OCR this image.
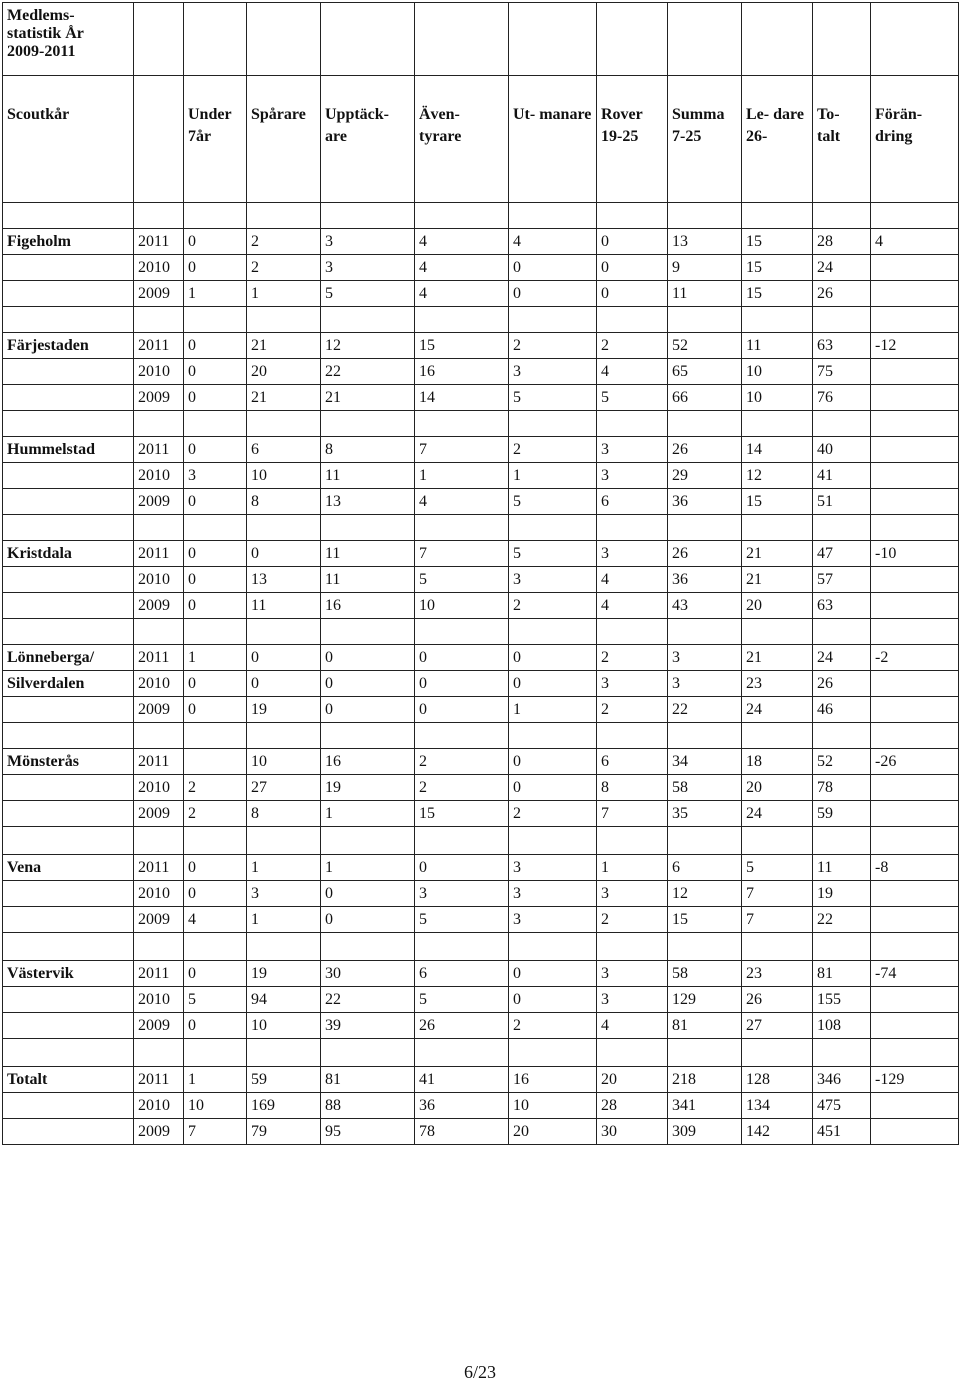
Medlems-
statistik År
2009-2011											

Scoutkår		Under 7år	Spårare	Upptäck- are	Även- tyrare	Ut- manare	Rover 19-25	Summa 7-25	Le- dare 26-	To- talt	Förän- dring

Figeholm	2011	0	2	3	4	4	0	13	15	28	4
	2010	0	2	3	4	0	0	9	15	24	
	2009	1	1	5	4	0	0	11	15	26	

Färjestaden	2011	0	21	12	15	2	2	52	11	63	-12
	2010	0	20	22	16	3	4	65	10	75	
	2009	0	21	21	14	5	5	66	10	76	

Hummelstad	2011	0	6	8	7	2	3	26	14	40	
	2010	3	10	11	1	1	3	29	12	41	
	2009	0	8	13	4	5	6	36	15	51	

Kristdala	2011	0	0	11	7	5	3	26	21	47	-10
	2010	0	13	11	5	3	4	36	21	57	
	2009	0	11	16	10	2	4	43	20	63	

Lönneberga/	2011	1	0	0	0	0	2	3	21	24	-2
Silverdalen	2010	0	0	0	0	0	3	3	23	26	
	2009	0	19	0	0	1	2	22	24	46	

Mönsterås	2011		10	16	2	0	6	34	18	52	-26
	2010	2	27	19	2	0	8	58	20	78	
	2009	2	8	1	15	2	7	35	24	59	

Vena	2011	0	1	1	0	3	1	6	5	11	-8
	2010	0	3	0	3	3	3	12	7	19	
	2009	4	1	0	5	3	2	15	7	22	

Västervik	2011	0	19	30	6	0	3	58	23	81	-74
	2010	5	94	22	5	0	3	129	26	155	
	2009	0	10	39	26	2	4	81	27	108	

Totalt	2011	1	59	81	41	16	20	218	128	346	-129
	2010	10	169	88	36	10	28	341	134	475	
	2009	7	79	95	78	20	30	309	142	451	
6/23
